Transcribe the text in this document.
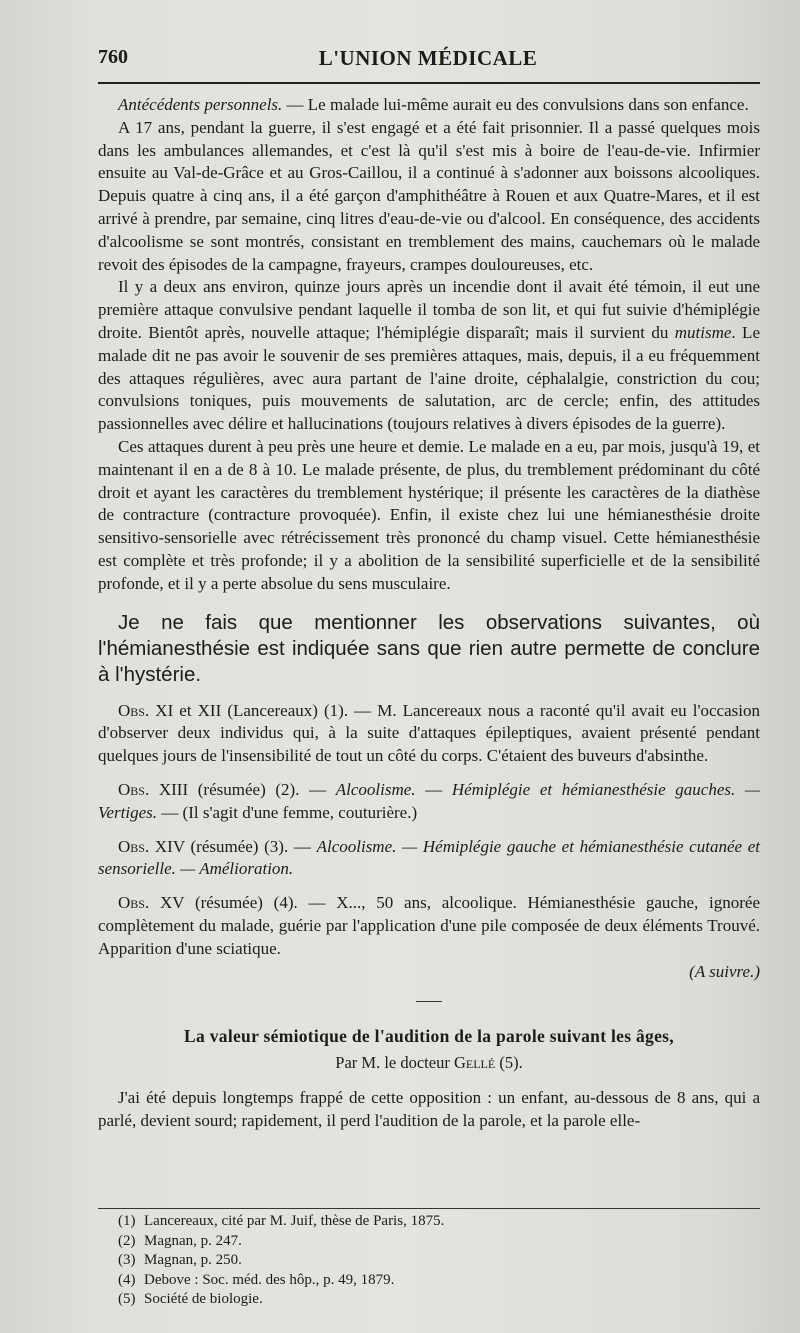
760	L'UNION MÉDICALE

Antécédents personnels. — Le malade lui-même aurait eu des convulsions dans son enfance.

A 17 ans, pendant la guerre, il s'est engagé et a été fait prisonnier. Il a passé quelques mois dans les ambulances allemandes, et c'est là qu'il s'est mis à boire de l'eau-de-vie. Infirmier ensuite au Val-de-Grâce et au Gros-Caillou, il a continué à s'adonner aux boissons alcooliques. Depuis quatre à cinq ans, il a été garçon d'amphithéâtre à Rouen et aux Quatre-Mares, et il est arrivé à prendre, par semaine, cinq litres d'eau-de-vie ou d'alcool. En conséquence, des accidents d'alcoolisme se sont montrés, consistant en tremblement des mains, cauchemars où le malade revoit des épisodes de la campagne, frayeurs, crampes douloureuses, etc.

Il y a deux ans environ, quinze jours après un incendie dont il avait été témoin, il eut une première attaque convulsive pendant laquelle il tomba de son lit, et qui fut suivie d'hémiplégie droite. Bientôt après, nouvelle attaque; l'hémiplégie disparaît; mais il survient du mutisme. Le malade dit ne pas avoir le souvenir de ses premières attaques, mais, depuis, il a eu fréquemment des attaques régulières, avec aura partant de l'aine droite, céphalalgie, constriction du cou; convulsions toniques, puis mouvements de salutation, arc de cercle; enfin, des attitudes passionnelles avec délire et hallucinations (toujours relatives à divers épisodes de la guerre).

Ces attaques durent à peu près une heure et demie. Le malade en a eu, par mois, jusqu'à 19, et maintenant il en a de 8 à 10. Le malade présente, de plus, du tremblement prédominant du côté droit et ayant les caractères du tremblement hystérique; il présente les caractères de la diathèse de contracture (contracture provoquée). Enfin, il existe chez lui une hémianesthésie droite sensitivo-sensorielle avec rétrécissement très prononcé du champ visuel. Cette hémianesthésie est complète et très profonde; il y a abolition de la sensibilité superficielle et de la sensibilité profonde, et il y a perte absolue du sens musculaire.

Je ne fais que mentionner les observations suivantes, où l'hémianesthésie est indiquée sans que rien autre permette de conclure à l'hystérie.

Obs. XI et XII (Lancereaux) (1). — M. Lancereaux nous a raconté qu'il avait eu l'occasion d'observer deux individus qui, à la suite d'attaques épileptiques, avaient présenté pendant quelques jours de l'insensibilité de tout un côté du corps. C'étaient des buveurs d'absinthe.

Obs. XIII (résumée) (2). — Alcoolisme. — Hémiplégie et hémianesthésie gauches. — Vertiges. — (Il s'agit d'une femme, couturière.)

Obs. XIV (résumée) (3). — Alcoolisme. — Hémiplégie gauche et hémianesthésie cutanée et sensorielle. — Amélioration.

Obs. XV (résumée) (4). — X..., 50 ans, alcoolique. Hémianesthésie gauche, ignorée complètement du malade, guérie par l'application d'une pile composée de deux éléments Trouvé. Apparition d'une sciatique.

(A suivre.)

La valeur sémiotique de l'audition de la parole suivant les âges,
Par M. le docteur Gellé (5).

J'ai été depuis longtemps frappé de cette opposition : un enfant, au-dessous de 8 ans, qui a parlé, devient sourd; rapidement, il perd l'audition de la parole, et la parole elle-

(1) Lancereaux, cité par M. Juif, thèse de Paris, 1875.
(2) Magnan, p. 247.
(3) Magnan, p. 250.
(4) Debove : Soc. méd. des hôp., p. 49, 1879.
(5) Société de biologie.
